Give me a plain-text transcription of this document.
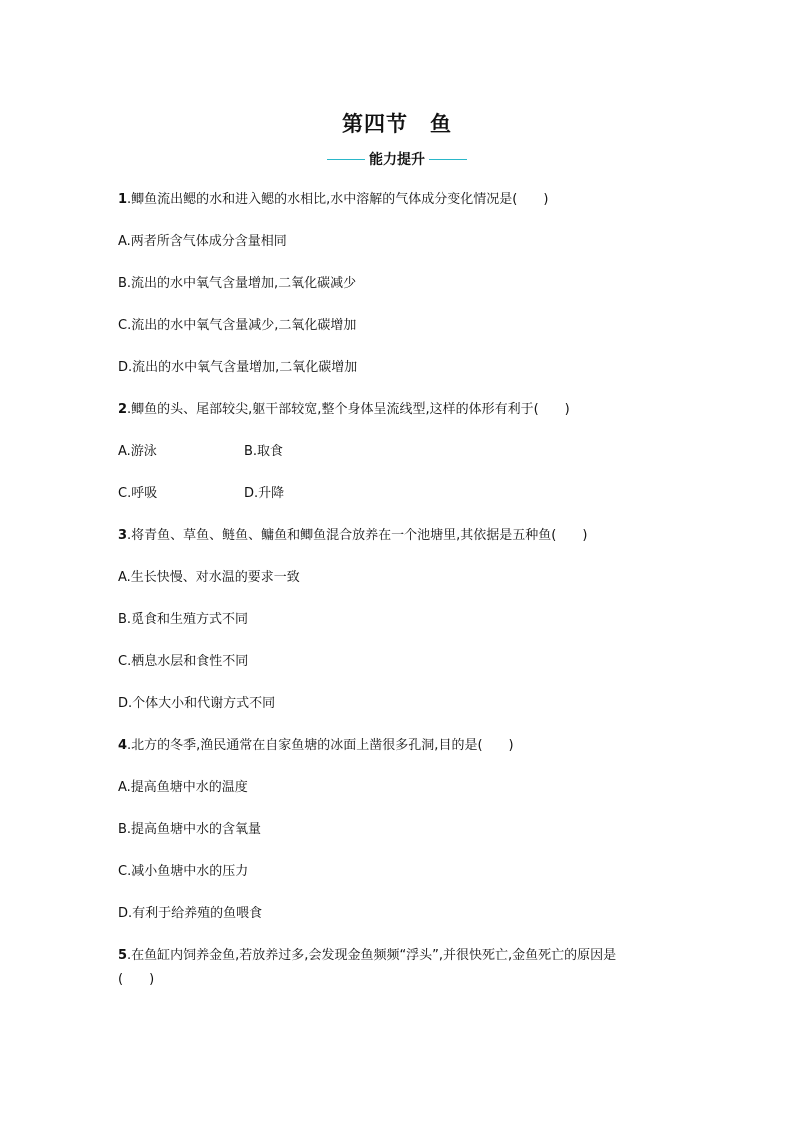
第四节　鱼
能力提升
1.鲫鱼流出鳃的水和进入鳃的水相比,水中溶解的气体成分变化情况是(　　)
A.两者所含气体成分含量相同
B.流出的水中氧气含量增加,二氧化碳减少
C.流出的水中氧气含量减少,二氧化碳增加
D.流出的水中氧气含量增加,二氧化碳增加
2.鲫鱼的头、尾部较尖,躯干部较宽,整个身体呈流线型,这样的体形有利于(　　)
A.游泳	B.取食
C.呼吸	D.升降
3.将青鱼、草鱼、鲢鱼、鳙鱼和鲫鱼混合放养在一个池塘里,其依据是五种鱼(　　)
A.生长快慢、对水温的要求一致
B.觅食和生殖方式不同
C.栖息水层和食性不同
D.个体大小和代谢方式不同
4.北方的冬季,渔民通常在自家鱼塘的冰面上凿很多孔洞,目的是(　　)
A.提高鱼塘中水的温度
B.提高鱼塘中水的含氧量
C.减小鱼塘中水的压力
D.有利于给养殖的鱼喂食
5.在鱼缸内饲养金鱼,若放养过多,会发现金鱼频频“浮头”,并很快死亡,金鱼死亡的原因是
(　　)
